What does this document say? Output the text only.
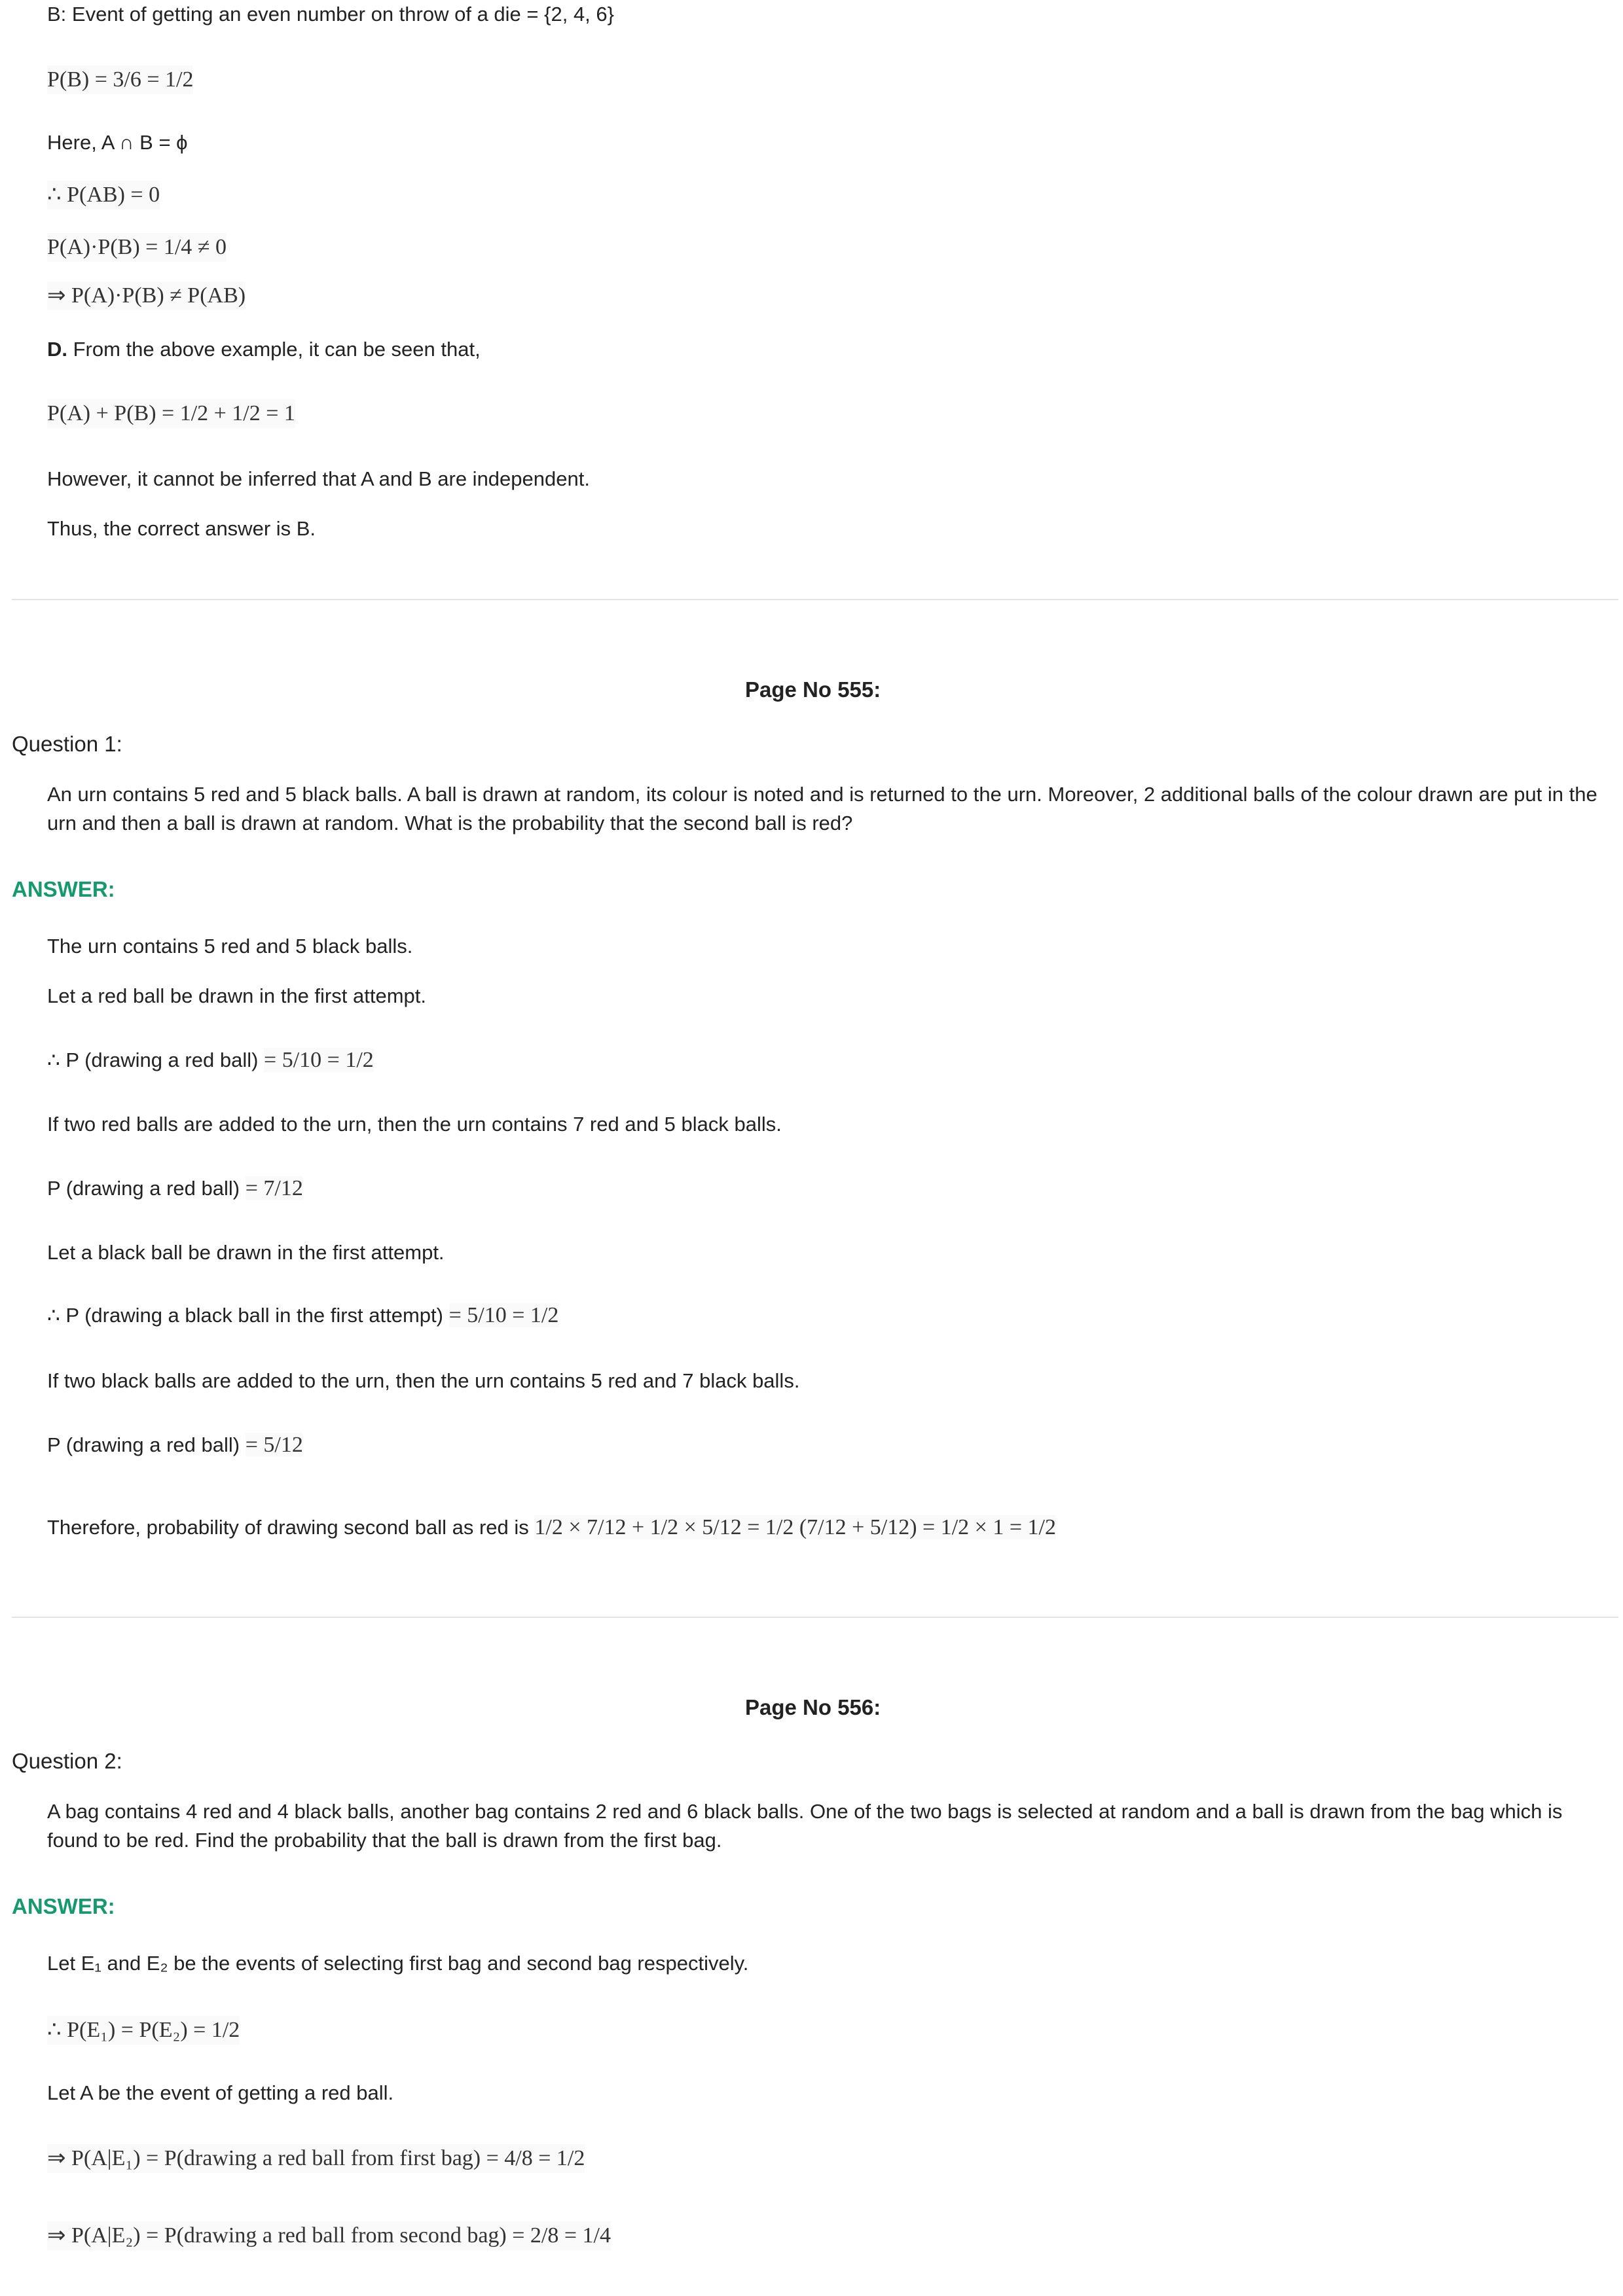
B: Event of getting an even number on throw of a die = {2, 4, 6}
P(B) = 3/6 = 1/2
Here, A ∩ B = ϕ
∴ P(AB) = 0
P(A)·P(B) = 1/4 ≠ 0
⇒ P(A)·P(B) ≠ P(AB)
D. From the above example, it can be seen that,
P(A) + P(B) = 1/2 + 1/2 = 1
However, it cannot be inferred that A and B are independent.
Thus, the correct answer is B.
Page No 555:
Question 1:
An urn contains 5 red and 5 black balls. A ball is drawn at random, its colour is noted and is returned to the urn. Moreover, 2 additional balls of the colour drawn are put in the urn and then a ball is drawn at random. What is the probability that the second ball is red?
ANSWER:
The urn contains 5 red and 5 black balls.
Let a red ball be drawn in the first attempt.
∴ P (drawing a red ball) = 5/10 = 1/2
If two red balls are added to the urn, then the urn contains 7 red and 5 black balls.
P (drawing a red ball) = 7/12
Let a black ball be drawn in the first attempt.
∴ P (drawing a black ball in the first attempt) = 5/10 = 1/2
If two black balls are added to the urn, then the urn contains 5 red and 7 black balls.
P (drawing a red ball) = 5/12
Therefore, probability of drawing second ball as red is 1/2 × 7/12 + 1/2 × 5/12 = 1/2 (7/12 + 5/12) = 1/2 × 1 = 1/2
Page No 556:
Question 2:
A bag contains 4 red and 4 black balls, another bag contains 2 red and 6 black balls. One of the two bags is selected at random and a ball is drawn from the bag which is found to be red. Find the probability that the ball is drawn from the first bag.
ANSWER:
Let E₁ and E₂ be the events of selecting first bag and second bag respectively.
∴ P(E₁) = P(E₂) = 1/2
Let A be the event of getting a red ball.
⇒ P(A|E₁) = P(drawing a red ball from first bag) = 4/8 = 1/2
⇒ P(A|E₂) = P(drawing a red ball from second bag) = 2/8 = 1/4
